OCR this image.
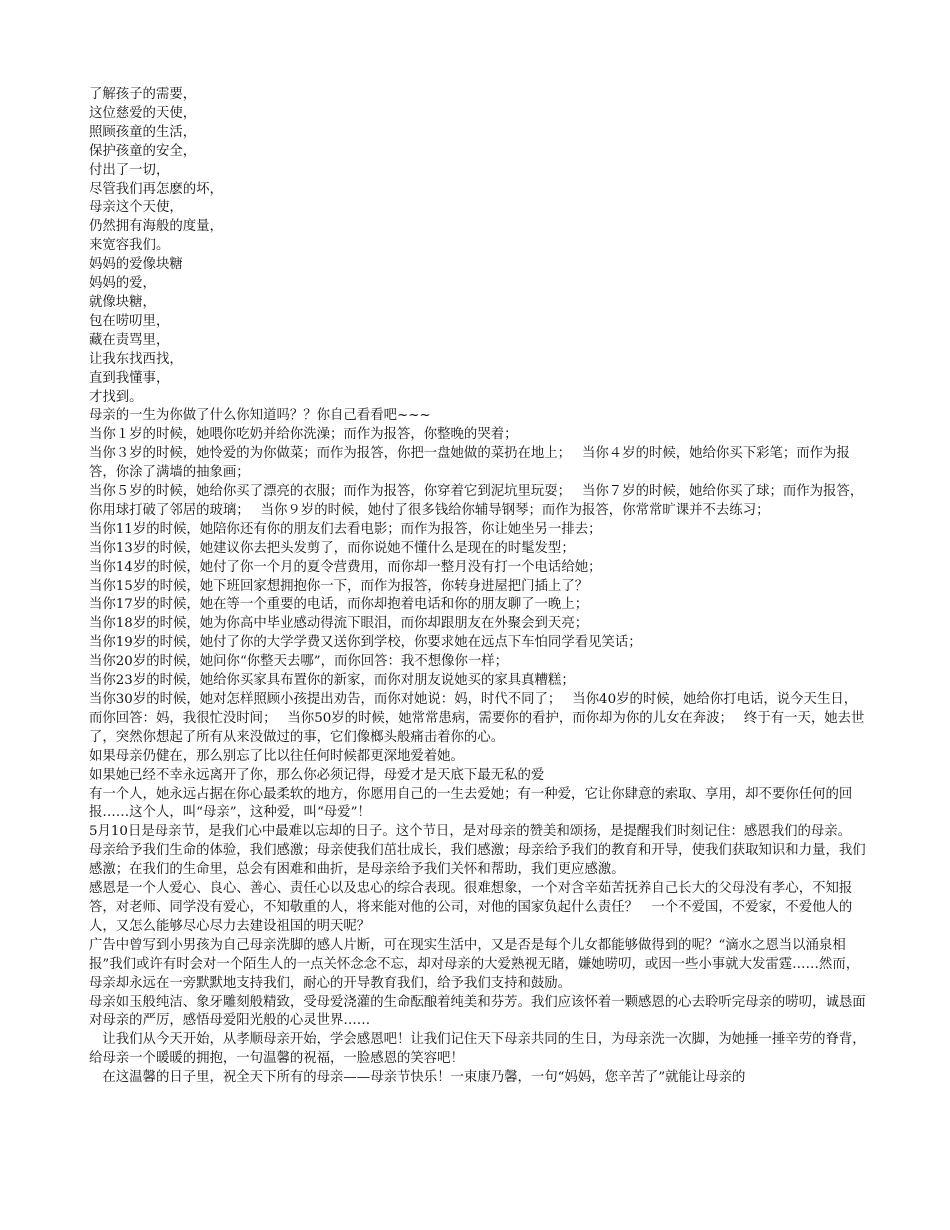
了解孩子的需要，

这位慈爱的天使，

照顾孩童的生活，

保护孩童的安全，

付出了一切，

尽管我们再怎麽的坏，

母亲这个天使，

仍然拥有海般的度量，

来宽容我们。

妈妈的爱像块糖

妈妈的爱，

就像块糖，

包在唠叨里，

藏在责骂里，

让我东找西找，

直到我懂事，

才找到。

母亲的一生为你做了什么你知道吗？？你自己看看吧~~~

当你１岁的时候，她喂你吃奶并给你洗澡；而作为报答，你整晚的哭着；

当你３岁的时候，她怜爱的为你做菜；而作为报答，你把一盘她做的菜扔在地上；　 当你４岁的时候，她给你买下彩笔；而作为报答，你涂了满墙的抽象画；

当你５岁的时候，她给你买了漂亮的衣服；而作为报答，你穿着它到泥坑里玩耍；　 当你７岁的时候，她给你买了球；而作为报答，你用球打破了邻居的玻璃；　 当你９岁的时候，她付了很多钱给你辅导钢琴；而作为报答，你常常旷课并不去练习；

当你11岁的时候，她陪你还有你的朋友们去看电影；而作为报答，你让她坐另一排去；

当你13岁的时候，她建议你去把头发剪了，而你说她不懂什么是现在的时髦发型；

当你14岁的时候，她付了你一个月的夏令营费用，而你却一整月没有打一个电话给她；

当你15岁的时候，她下班回家想拥抱你一下，而作为报答，你转身进屋把门插上了？

当你17岁的时候，她在等一个重要的电话，而你却抱着电话和你的朋友聊了一晚上；

当你18岁的时候，她为你高中毕业感动得流下眼泪，而你却跟朋友在外聚会到天亮；

当你19岁的时候，她付了你的大学学费又送你到学校，你要求她在远点下车怕同学看见笑话；

当你20岁的时候，她问你“你整天去哪”，而你回答：我不想像你一样；

当你23岁的时候，她给你买家具布置你的新家，而你对朋友说她买的家具真糟糕；

当你30岁的时候，她对怎样照顾小孩提出劝告，而你对她说：妈，时代不同了；　 当你40岁的时候，她给你打电话，说今天生日，而你回答：妈，我很忙没时间；　 当你50岁的时候，她常常患病，需要你的看护，而你却为你的儿女在奔波；　 终于有一天，她去世了，突然你想起了所有从来没做过的事，它们像榔头般痛击着你的心。

如果母亲仍健在，那么别忘了比以往任何时候都更深地爱着她。

如果她已经不幸永远离开了你，那么你必须记得，母爱才是天底下最无私的爱

有一个人，她永远占据在你心最柔软的地方，你愿用自己的一生去爱她；有一种爱，它让你肆意的索取、享用，却不要你任何的回报……这个人，叫“母亲”，这种爱，叫“母爱”！

5月10日是母亲节，是我们心中最难以忘却的日子。这个节日，是对母亲的赞美和颂扬，是提醒我们时刻记住：感恩我们的母亲。

母亲给予我们生命的体验，我们感激；母亲使我们茁壮成长，我们感激；母亲给予我们的教育和开导，使我们获取知识和力量，我们感激；在我们的生命里，总会有困难和曲折，是母亲给予我们关怀和帮助，我们更应感激。

感恩是一个人爱心、良心、善心、责任心以及忠心的综合表现。很难想象，一个对含辛茹苦抚养自己长大的父母没有孝心，不知报答，对老师、同学没有爱心，不知敬重的人，将来能对他的公司，对他的国家负起什么责任？　一个不爱国，不爱家，不爱他人的人，又怎么能够尽心尽力去建设祖国的明天呢？

广告中曾写到小男孩为自己母亲洗脚的感人片断，可在现实生活中，又是否是每个儿女都能够做得到的呢？“滴水之恩当以涌泉相报”我们或许有时会对一个陌生人的一点关怀念念不忘，却对母亲的大爱熟视无睹，嫌她唠叨，或因一些小事就大发雷霆……然而，母亲却永远在一旁默默地支持我们，耐心的开导教育我们，给予我们支持和鼓励。

母亲如玉般纯洁、象牙雕刻般精致，受母爱浇灌的生命酝酿着纯美和芬芳。我们应该怀着一颗感恩的心去聆听完母亲的唠叨，诚恳面对母亲的严厉，感悟母爱阳光般的心灵世界……

　让我们从今天开始，从孝顺母亲开始，学会感恩吧！让我们记住天下母亲共同的生日，为母亲洗一次脚，为她捶一捶辛劳的脊背，给母亲一个暖暖的拥抱，一句温馨的祝福，一脸感恩的笑容吧！

　在这温馨的日子里，祝全天下所有的母亲——母亲节快乐！一束康乃馨，一句“妈妈，您辛苦了”就能让母亲的
